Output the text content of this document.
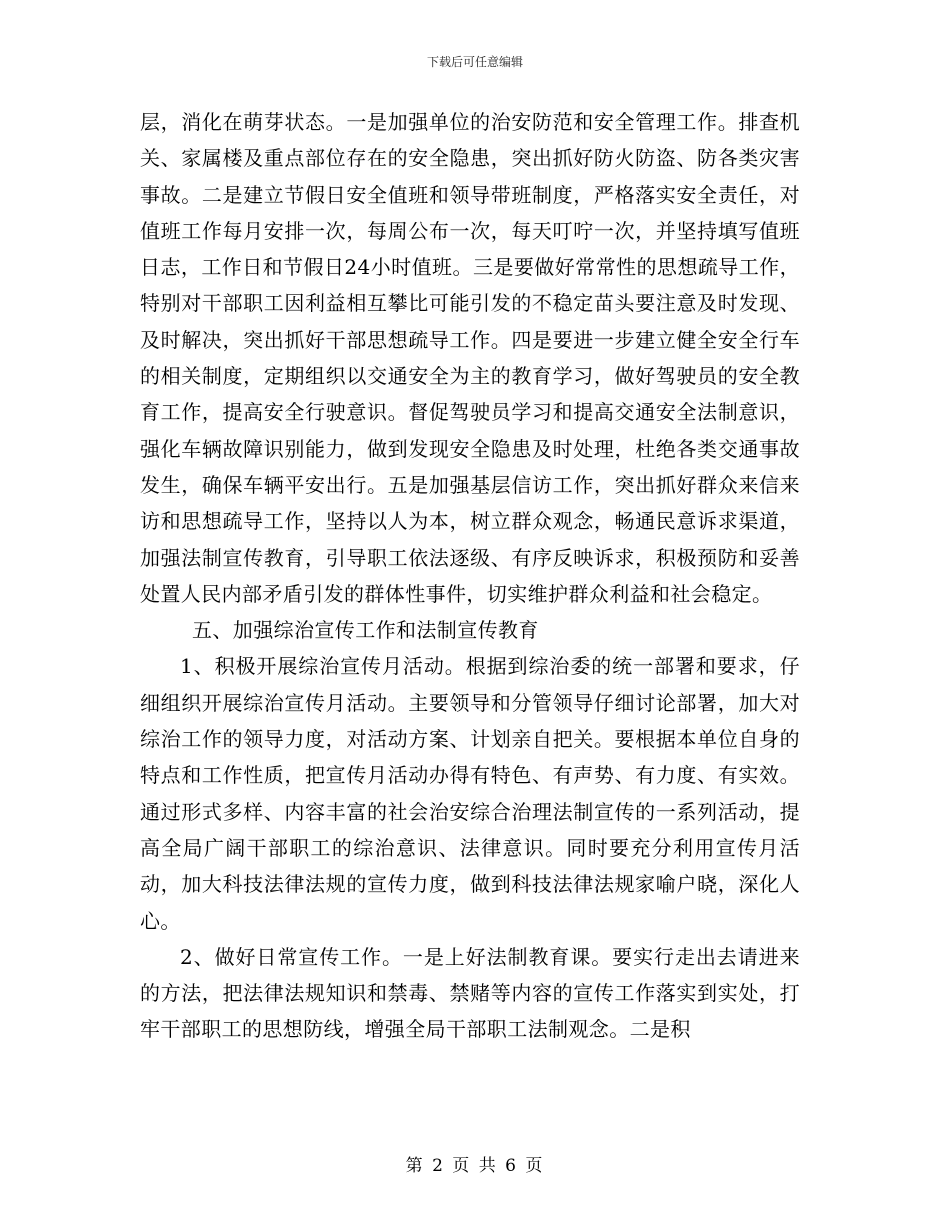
下载后可任意编辑

层，消化在萌芽状态。一是加强单位的治安防范和安全管理工作。排查机关、家属楼及重点部位存在的安全隐患，突出抓好防火防盗、防各类灾害事故。二是建立节假日安全值班和领导带班制度，严格落实安全责任，对值班工作每月安排一次，每周公布一次，每天叮咛一次，并坚持填写值班日志，工作日和节假日24小时值班。三是要做好常常性的思想疏导工作，特别对干部职工因利益相互攀比可能引发的不稳定苗头要注意及时发现、及时解决，突出抓好干部思想疏导工作。四是要进一步建立健全安全行车的相关制度，定期组织以交通安全为主的教育学习，做好驾驶员的安全教育工作，提高安全行驶意识。督促驾驶员学习和提高交通安全法制意识，强化车辆故障识别能力，做到发现安全隐患及时处理，杜绝各类交通事故发生，确保车辆平安出行。五是加强基层信访工作，突出抓好群众来信来访和思想疏导工作，坚持以人为本，树立群众观念，畅通民意诉求渠道，加强法制宣传教育，引导职工依法逐级、有序反映诉求，积极预防和妥善处置人民内部矛盾引发的群体性事件，切实维护群众利益和社会稳定。

五、加强综治宣传工作和法制宣传教育

1、积极开展综治宣传月活动。根据到综治委的统一部署和要求，仔细组织开展综治宣传月活动。主要领导和分管领导仔细讨论部署，加大对综治工作的领导力度，对活动方案、计划亲自把关。要根据本单位自身的特点和工作性质，把宣传月活动办得有特色、有声势、有力度、有实效。通过形式多样、内容丰富的社会治安综合治理法制宣传的一系列活动，提高全局广阔干部职工的综治意识、法律意识。同时要充分利用宣传月活动，加大科技法律法规的宣传力度，做到科技法律法规家喻户晓，深化人心。

2、做好日常宣传工作。一是上好法制教育课。要实行走出去请进来的方法，把法律法规知识和禁毒、禁赌等内容的宣传工作落实到实处，打牢干部职工的思想防线，增强全局干部职工法制观念。二是积

第 2 页 共 6 页
